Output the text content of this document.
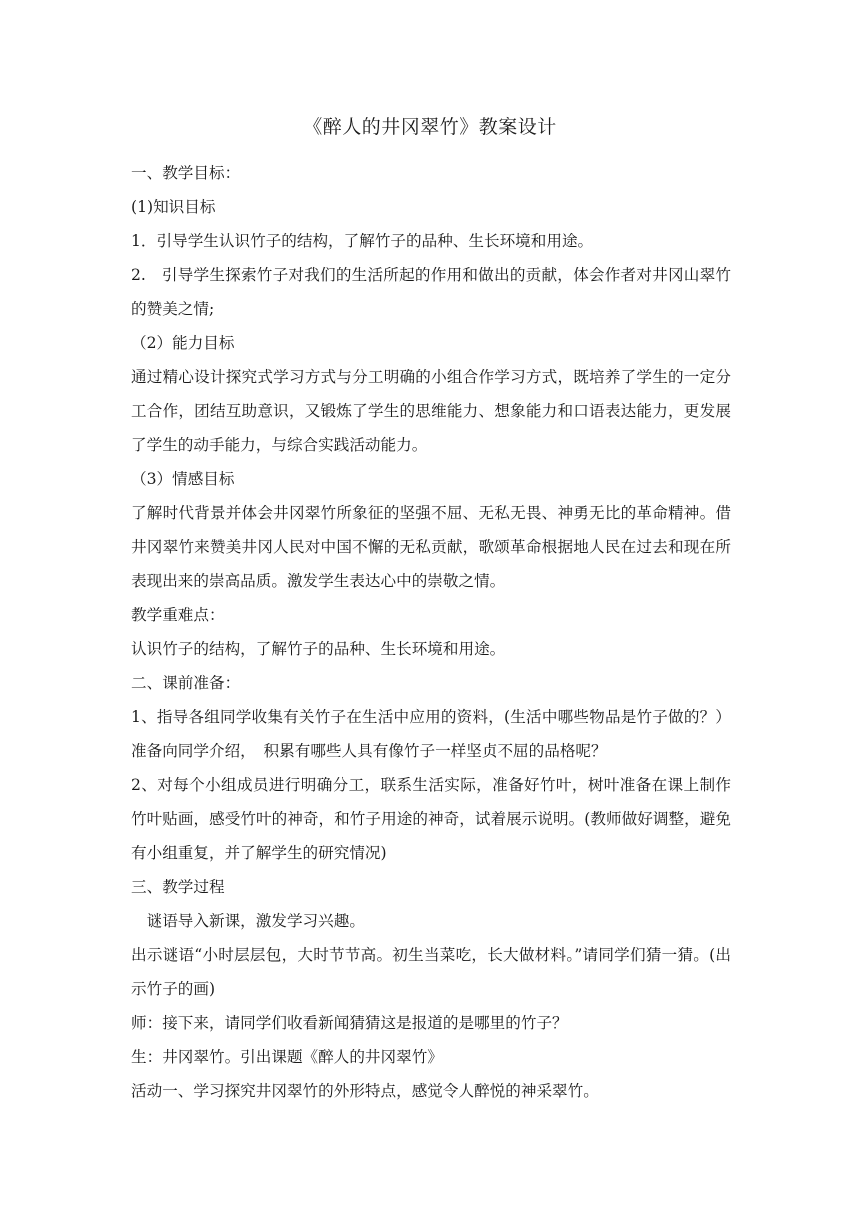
《醉人的井冈翠竹》教案设计

一、教学目标：

(1)知识目标

1．引导学生认识竹子的结构，了解竹子的品种、生长环境和用途。

2.　引导学生探索竹子对我们的生活所起的作用和做出的贡献，体会作者对井冈山翠竹的赞美之情;

（2）能力目标

通过精心设计探究式学习方式与分工明确的小组合作学习方式，既培养了学生的一定分工合作，团结互助意识，又锻炼了学生的思维能力、想象能力和口语表达能力，更发展了学生的动手能力，与综合实践活动能力。

（3）情感目标

了解时代背景并体会井冈翠竹所象征的坚强不屈、无私无畏、神勇无比的革命精神。借井冈翠竹来赞美井冈人民对中国不懈的无私贡献，歌颂革命根据地人民在过去和现在所表现出来的崇高品质。激发学生表达心中的崇敬之情。

教学重难点：

认识竹子的结构，了解竹子的品种、生长环境和用途。

二、课前准备：

1、指导各组同学收集有关竹子在生活中应用的资料，(生活中哪些物品是竹子做的？）准备向同学介绍，　积累有哪些人具有像竹子一样坚贞不屈的品格呢？

2、对每个小组成员进行明确分工，联系生活实际，准备好竹叶，树叶准备在课上制作竹叶贴画，感受竹叶的神奇，和竹子用途的神奇，试着展示说明。(教师做好调整，避免有小组重复，并了解学生的研究情况)

三、教学过程

　谜语导入新课，激发学习兴趣。

出示谜语“小时层层包，大时节节高。初生当菜吃，长大做材料。”请同学们猜一猜。(出示竹子的画)

师：接下来，请同学们收看新闻猜猜这是报道的是哪里的竹子？

生：井冈翠竹。引出课题《醉人的井冈翠竹》

活动一、学习探究井冈翠竹的外形特点，感觉令人醉悦的神采翠竹。
